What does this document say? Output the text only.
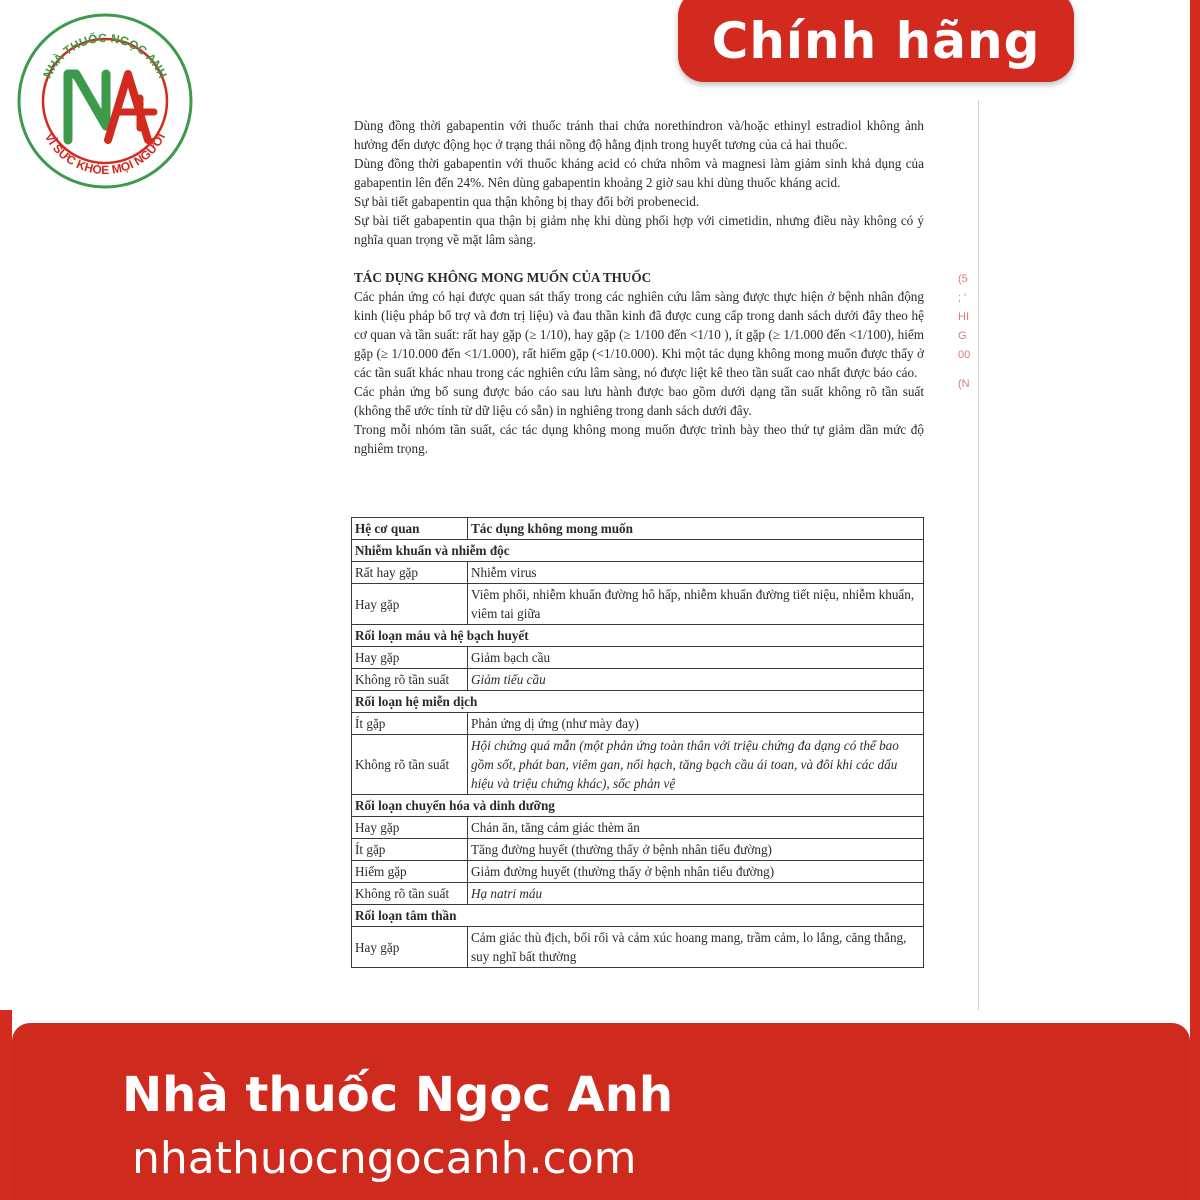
NHÀ THUỐC NGỌC ANH
VÌ SỨC KHỎE MỌI NGƯỜI
Chính hãng
(5
; '
HI
G
00
(N

Dùng đồng thời gabapentin với thuốc tránh thai chứa norethindron và/hoặc ethinyl estradiol không ảnh hưởng đến dược động học ở trạng thái nồng độ hằng định trong huyết tương của cả hai thuốc.

Dùng đồng thời gabapentin với thuốc kháng acid có chứa nhôm và magnesi làm giảm sinh khả dụng của gabapentin lên đến 24%. Nên dùng gabapentin khoảng 2 giờ sau khi dùng thuốc kháng acid.

Sự bài tiết gabapentin qua thận không bị thay đổi bởi probenecid.

Sự bài tiết gabapentin qua thận bị giảm nhẹ khi dùng phối hợp với cimetidin, nhưng điều này không có ý nghĩa quan trọng về mặt lâm sàng.

TÁC DỤNG KHÔNG MONG MUỐN CỦA THUỐC

Các phản ứng có hại được quan sát thấy trong các nghiên cứu lâm sàng được thực hiện ở bệnh nhân động kinh (liệu pháp bổ trợ và đơn trị liệu) và đau thần kinh đã được cung cấp trong danh sách dưới đây theo hệ cơ quan và tần suất: rất hay gặp (≥ 1/10), hay gặp (≥ 1/100 đến <1/10 ), ít gặp (≥ 1/1.000 đến <1/100), hiếm gặp (≥ 1/10.000 đến <1/1.000), rất hiếm gặp (<1/10.000). Khi một tác dụng không mong muốn được thấy ở các tần suất khác nhau trong các nghiên cứu lâm sàng, nó được liệt kê theo tần suất cao nhất được báo cáo.

Các phản ứng bổ sung được báo cáo sau lưu hành được bao gồm dưới dạng tần suất không rõ tần suất (không thể ước tính từ dữ liệu có sẵn) in nghiêng trong danh sách dưới đây.

Trong mỗi nhóm tần suất, các tác dụng không mong muốn được trình bày theo thứ tự giảm dần mức độ nghiêm trọng.

Hệ cơ quan	Tác dụng không mong muốn
Nhiễm khuẩn và nhiễm độc	
Rất hay gặp	Nhiễm virus
Hay gặp	Viêm phổi, nhiễm khuẩn đường hô hấp, nhiễm khuẩn đường tiết niệu, nhiễm khuẩn, viêm tai giữa
Rối loạn máu và hệ bạch huyết	
Hay gặp	Giảm bạch cầu
Không rõ tần suất	Giảm tiểu cầu
Rối loạn hệ miễn dịch	
Ít gặp	Phản ứng dị ứng (như mày đay)
Không rõ tần suất	Hội chứng quá mẫn (một phản ứng toàn thân với triệu chứng đa dạng có thể bao gồm sốt, phát ban, viêm gan, nổi hạch, tăng bạch cầu ái toan, và đôi khi các dấu hiệu và triệu chứng khác), sốc phản vệ
Rối loạn chuyển hóa và dinh dưỡng	
Hay gặp	Chán ăn, tăng cảm giác thèm ăn
Ít gặp	Tăng đường huyết (thường thấy ở bệnh nhân tiểu đường)
Hiếm gặp	Giảm đường huyết (thường thấy ở bệnh nhân tiểu đường)
Không rõ tần suất	Hạ natri máu
Rối loạn tâm thần	
Hay gặp	Cảm giác thù địch, bối rối và cảm xúc hoang mang, trầm cảm, lo lắng, căng thẳng, suy nghĩ bất thường
Nhà thuốc Ngọc Anh
nhathuocngocanh.com
